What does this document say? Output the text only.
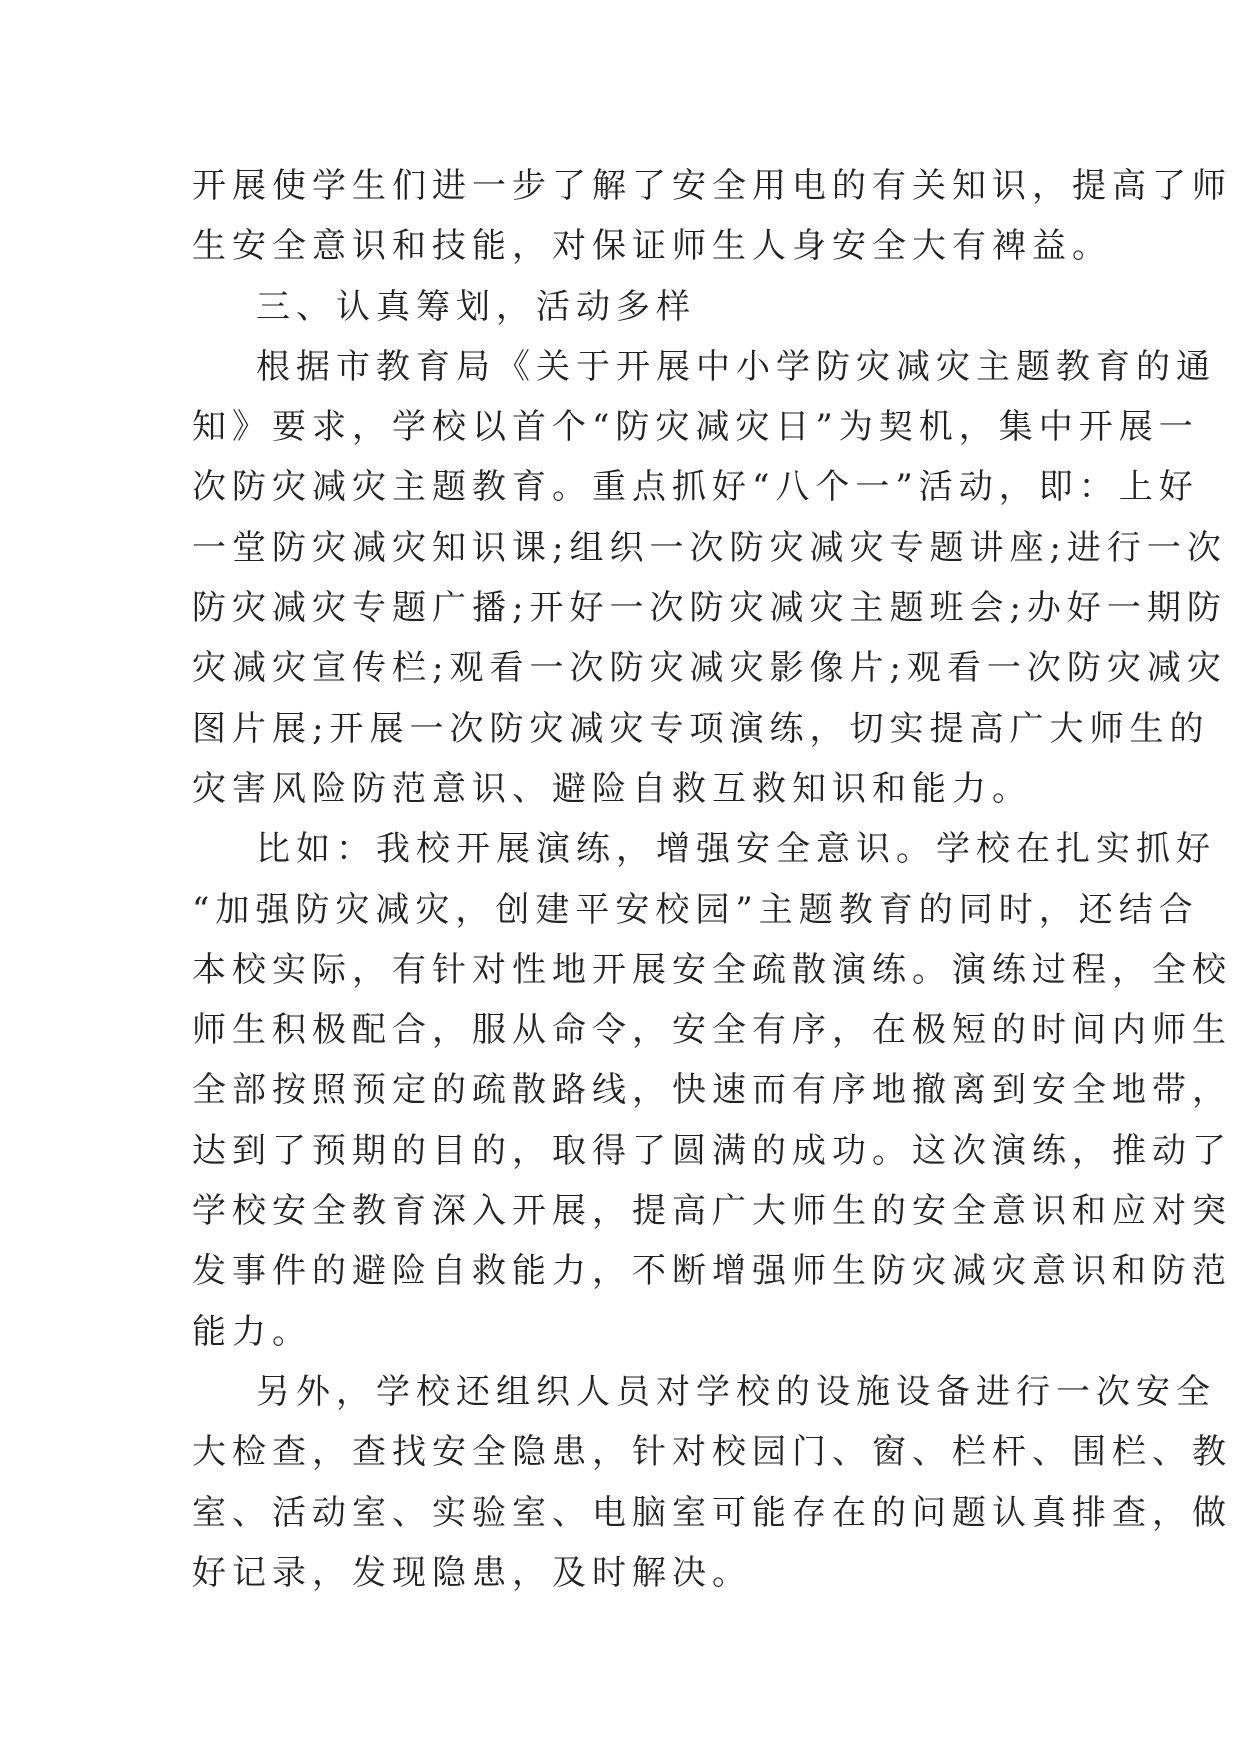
开展使学生们进一步了解了安全用电的有关知识，提高了师
生安全意识和技能，对保证师生人身安全大有裨益。
三、认真筹划，活动多样
根据市教育局《关于开展中小学防灾减灾主题教育的通
知》要求，学校以首个“防灾减灾日”为契机，集中开展一
次防灾减灾主题教育。重点抓好“八个一”活动，即：上好
一堂防灾减灾知识课;组织一次防灾减灾专题讲座;进行一次
防灾减灾专题广播;开好一次防灾减灾主题班会;办好一期防
灾减灾宣传栏;观看一次防灾减灾影像片;观看一次防灾减灾
图片展;开展一次防灾减灾专项演练，切实提高广大师生的
灾害风险防范意识、避险自救互救知识和能力。
比如：我校开展演练，增强安全意识。学校在扎实抓好
“加强防灾减灾，创建平安校园”主题教育的同时，还结合
本校实际，有针对性地开展安全疏散演练。演练过程，全校
师生积极配合，服从命令，安全有序，在极短的时间内师生
全部按照预定的疏散路线，快速而有序地撤离到安全地带，
达到了预期的目的，取得了圆满的成功。这次演练，推动了
学校安全教育深入开展，提高广大师生的安全意识和应对突
发事件的避险自救能力，不断增强师生防灾减灾意识和防范
能力。
另外，学校还组织人员对学校的设施设备进行一次安全
大检查，查找安全隐患，针对校园门、窗、栏杆、围栏、教
室、活动室、实验室、电脑室可能存在的问题认真排查，做
好记录，发现隐患，及时解决。
